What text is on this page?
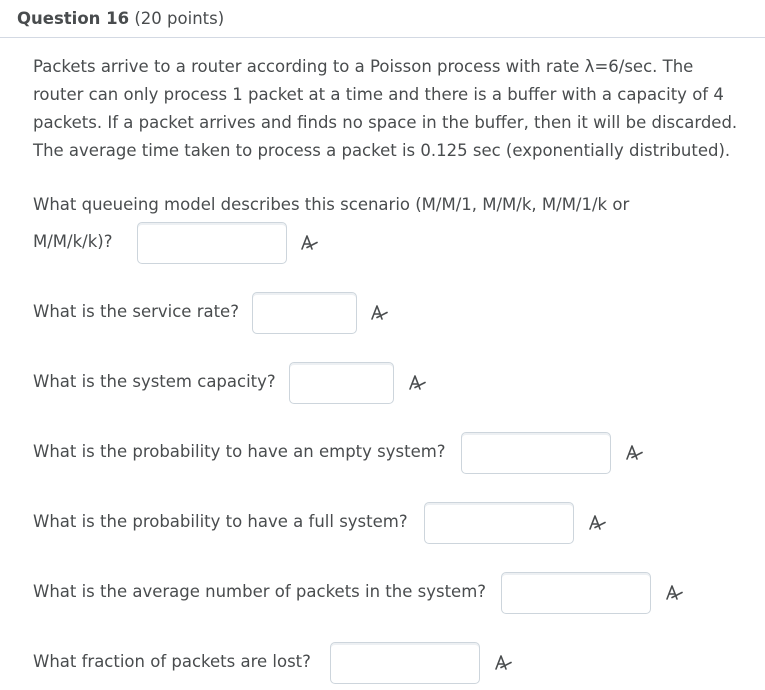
Question 16 (20 points)
Packets arrive to a router according to a Poisson process with rate λ=6/sec. The
router can only process 1 packet at a time and there is a buffer with a capacity of 4
packets. If a packet arrives and finds no space in the buffer, then it will be discarded.
The average time taken to process a packet is 0.125 sec (exponentially distributed).
What queueing model describes this scenario (M/M/1, M/M/k, M/M/1/k or
M/M/k/k)?
What is the service rate?
What is the system capacity?
What is the probability to have an empty system?
What is the probability to have a full system?
What is the average number of packets in the system?
What fraction of packets are lost?
